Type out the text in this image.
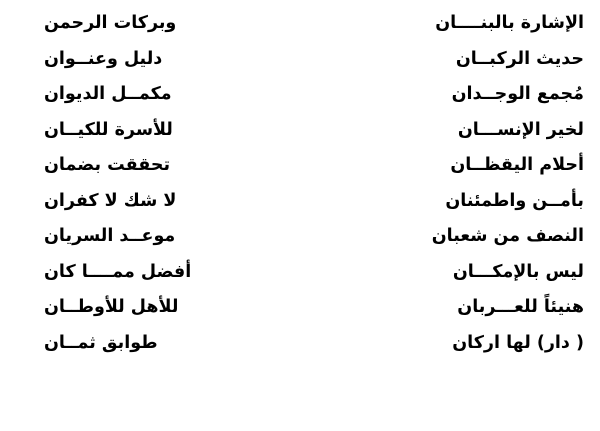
الإشارة بالبنــــان
وبركات الرحمن
حديث الركبــان
دليل وعنــوان
مُجمع الوجــدان
مكمــل الديوان
لخير الإنســـان
للأسرة للكيــان
أحلام اليقظــان
تحققت بضمان
بأمــن واطمئنان
لا شك لا كفران
النصف من شعبان
موعــد السريان
ليس بالإمكـــان
أفضل ممــــا كان
هنيئاً للعـــربان
للأهل للأوطــان
( دار) لها اركان
طوابق ثمــان
